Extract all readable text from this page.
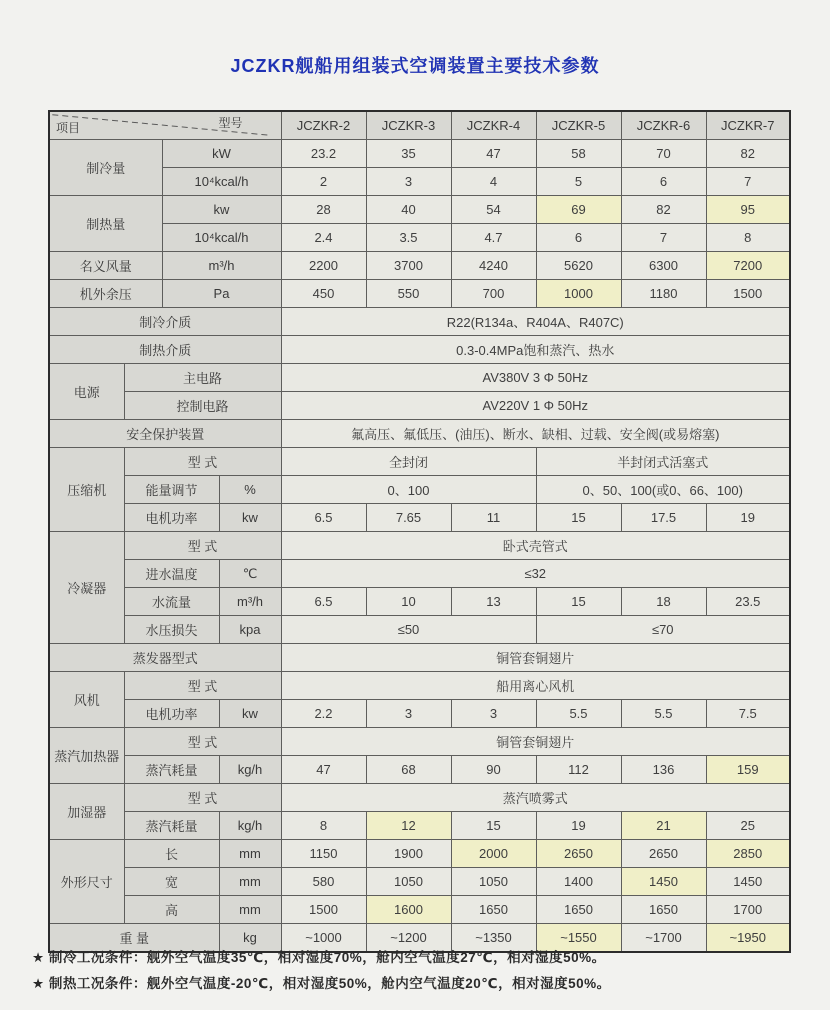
JCZKR舰船用组装式空调装置主要技术参数
项目 型号				JCZKR-2	JCZKR-3	JCZKR-4	JCZKR-5	JCZKR-6	JCZKR-7
制冷量		kW		23.2	35	47	58	70	82
		10⁴kcal/h		2	3	4	5	6	7
制热量		kw		28	40	54	69	82	95
		10⁴kcal/h		2.4	3.5	4.7	6	7	8
名义风量		m³/h		2200	3700	4240	5620	6300	7200
机外余压		Pa		450	550	700	1000	1180	1500
制冷介质				R22(R134a、R404A、R407C)					
制热介质				0.3-0.4MPa饱和蒸汽、热水					
电源	主电路			AV380V 3 Φ 50Hz					
	控制电路			AV220V 1 Φ 50Hz					
安全保护装置				氟高压、氟低压、(油压)、断水、缺相、过载、安全阀(或易熔塞)					
压缩机	型 式			全封闭			半封闭式活塞式		
	能量调节		%	0、100			0、50、100(或0、66、100)		
	电机功率		kw	6.5	7.65	11	15	17.5	19
冷凝器	型 式			卧式壳管式					
	进水温度		℃	≤32					
	水流量		m³/h	6.5	10	13	15	18	23.5
	水压损失		kpa	≤50			≤70		
蒸发器型式				铜管套铜翅片					
风机	型 式			船用离心风机					
	电机功率		kw	2.2	3	3	5.5	5.5	7.5
蒸汽加热器	型 式			铜管套铜翅片					
	蒸汽耗量		kg/h	47	68	90	112	136	159
加湿器	型 式			蒸汽喷雾式					
	蒸汽耗量		kg/h	8	12	15	19	21	25
外形尺寸	长		mm	1150	1900	2000	2650	2650	2850
	宽		mm	580	1050	1050	1400	1450	1450
	高		mm	1500	1600	1650	1650	1650	1700
重 量			kg	~1000	~1200	~1350	~1550	~1700	~1950
★ 制冷工况条件：舰外空气温度35℃，相对湿度70%，舱内空气温度27℃，相对湿度50%。
★ 制热工况条件：舰外空气温度-20℃，相对湿度50%，舱内空气温度20℃，相对湿度50%。
